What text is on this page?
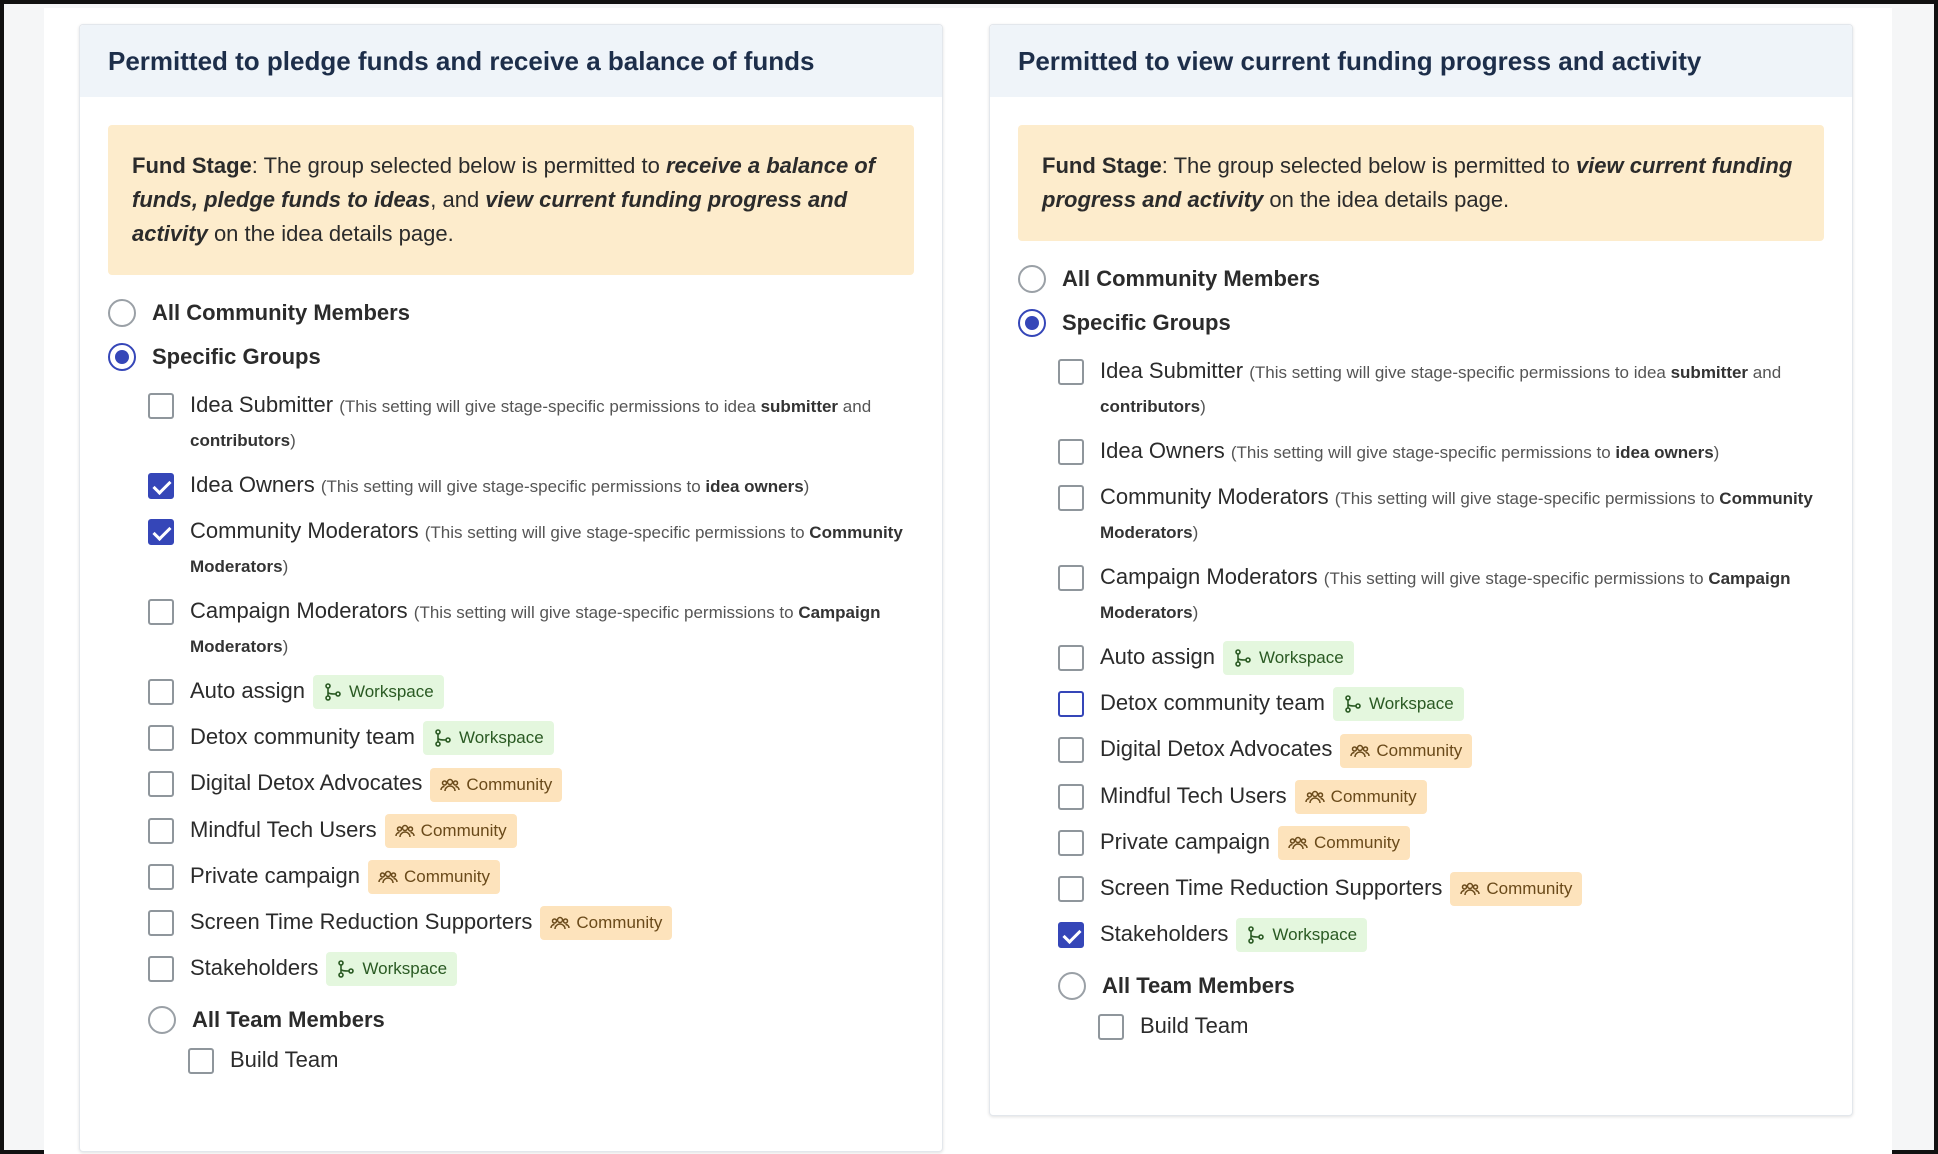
Permitted to pledge funds and receive a balance of funds
Fund Stage: The group selected below is permitted to receive a balance of funds, pledge funds to ideas, and view current funding progress and activity on the idea details page.
All Community Members
Specific Groups
Idea Submitter (This setting will give stage-specific permissions to idea submitter and contributors)
Idea Owners (This setting will give stage-specific permissions to idea owners)
Community Moderators (This setting will give stage-specific permissions to Community Moderators)
Campaign Moderators (This setting will give stage-specific permissions to Campaign Moderators)
Auto assign	Workspace
Detox community team	Workspace
Digital Detox Advocates	Community
Mindful Tech Users	Community
Private campaign	Community
Screen Time Reduction Supporters	Community
Stakeholders	Workspace
All Team Members
Build Team
Permitted to view current funding progress and activity
Fund Stage: The group selected below is permitted to view current funding progress and activity on the idea details page.
All Community Members
Specific Groups
Idea Submitter (This setting will give stage-specific permissions to idea submitter and contributors)
Idea Owners (This setting will give stage-specific permissions to idea owners)
Community Moderators (This setting will give stage-specific permissions to Community Moderators)
Campaign Moderators (This setting will give stage-specific permissions to Campaign Moderators)
Auto assign	Workspace
Detox community team	Workspace
Digital Detox Advocates	Community
Mindful Tech Users	Community
Private campaign	Community
Screen Time Reduction Supporters	Community
Stakeholders	Workspace
All Team Members
Build Team
